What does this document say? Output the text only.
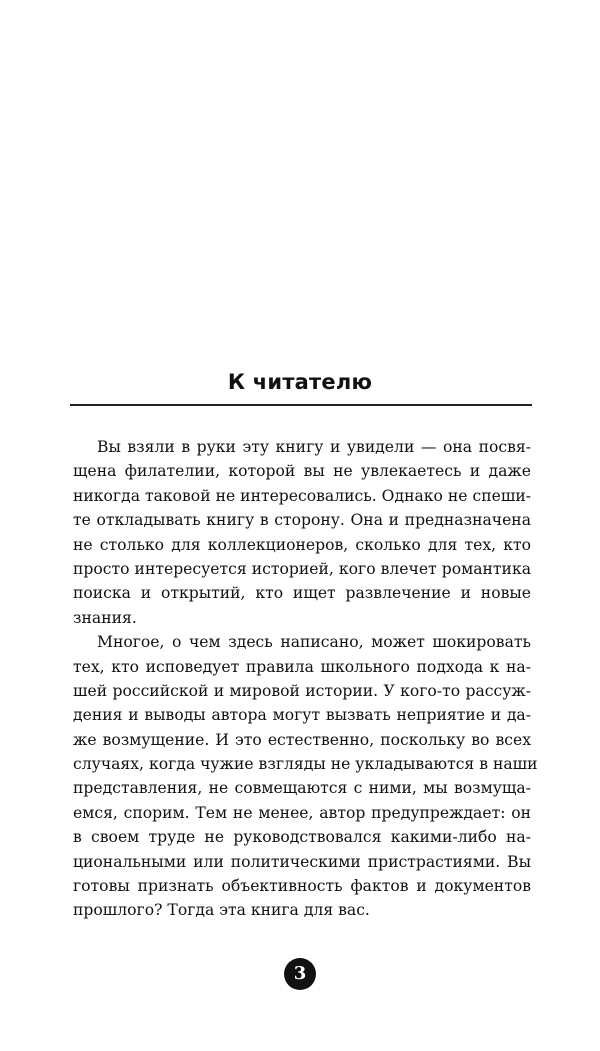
К читателю
Вы взяли в руки эту книгу и увидели — она посвя-
щена филателии, которой вы не увлекаетесь и даже
никогда таковой не интересовались. Однако не спеши-
те откладывать книгу в сторону. Она и предназначена
не столько для коллекционеров, сколько для тех, кто
просто интересуется историей, кого влечет романтика
поиска и открытий, кто ищет развлечение и новые
знания.
Многое, о чем здесь написано, может шокировать
тех, кто исповедует правила школьного подхода к на-
шей российской и мировой истории. У кого-то рассуж-
дения и выводы автора могут вызвать неприятие и да-
же возмущение. И это естественно, поскольку во всех
случаях, когда чужие взгляды не укладываются в наши
представления, не совмещаются с ними, мы возмуща-
емся, спорим. Тем не менее, автор предупреждает: он
в своем труде не руководствовался какими-либо на-
циональными или политическими пристрастиями. Вы
готовы признать объективность фактов и документов
прошлого? Тогда эта книга для вас.
3
